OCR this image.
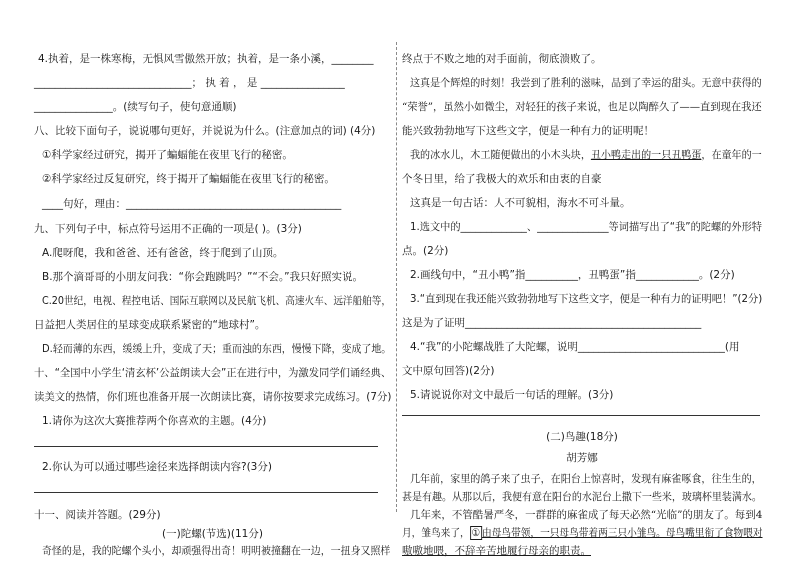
4.执着，是一株寒梅，无惧风雪傲然开放；执着，是一条小溪，________
______________________________； 执 着 ， 是 ________________
_______________。(续写句子，使句意通顺)
八、比较下面句子，说说哪句更好，并说说为什么。(注意加点的词) (4分)
①科学家经过研究，揭开了蝙蝠能在夜里飞行的秘密。
②科学家经过反复研究，终于揭开了蝙蝠能在夜里飞行的秘密。
____句好，理由：_________________________________________
九、下列句子中，标点符号运用不正确的一项是( )。(3分)
A.爬呀爬，我和爸爸、还有爸爸，终于爬到了山顶。
B.那个滴哥哥的小朋友问我：“你会跑跳吗？”“不会。”我只好照实说。
C.20世纪，电视、程控电话、国际互联网以及民航飞机、高速火车、远洋船舶等，
日益把人类居住的星球变成联系紧密的“地球村”。
D.轻而薄的东西，缓缓上升，变成了天；重而浊的东西，慢慢下降，变成了地。
十、“全国中小学生‘清玄杯’公益朗读大会”正在进行中，为激发同学们诵经典、
读美文的热情，你们班也准备开展一次朗读比赛，请你按要求完成练习。(7分)
1.请你为这次大赛推荐两个你喜欢的主题。(4分)
2.你认为可以通过哪些途径来选择朗读内容?(3分)
十一、阅读并答题。(29分)
(一)陀螺(节选)(11分)
奇怪的是，我的陀螺个头小，却顽强得出奇！明明被撞翻在一边，一扭身又照样
终点于不败之地的对手面前，彻底溃败了。
这真是个辉煌的时刻！我尝到了胜利的滋味，品到了幸运的甜头。无意中获得的
“荣誉”，虽然小如微尘，对轻狂的孩子来说，也足以陶醉久了——直到现在我还
能兴致勃勃地写下这些文字，便是一种有力的证明呢！
我的冰水儿，木工随便做出的小木头块，丑小鸭走出的一只丑鸭蛋，在童年的一
个冬日里，给了我极大的欢乐和由衷的自豪
这真是一句古话：人不可貌相，海水不可斗量。
1.选文中的_____________、______________等词描写出了“我”的陀螺的外形特
点。(2分)
2.画线句中，“丑小鸭”指__________，丑鸭蛋”指____________。(2分)
3.“直到现在我还能兴致勃勃地写下这些文字，便是一种有力的证明吧！”(2分)
这是为了证明_____________________________________________
4.“我”的小陀螺战胜了大陀螺，说明____________________________(用
文中原句回答)(2分)
5.请说说你对文中最后一句话的理解。(3分)
(二)鸟趣(18分)
胡芳娜
几年前，家里的鸽子来了虫子，在阳台上惊喜时，发现有麻雀啄食，往生生的，
甚是有趣。从那以后，我便有意在阳台的水泥台上撒下一些米，玻璃杯里装满水。
几年来，不管酷暑严冬，一群群的麻雀成了每天必然“光临”的朋友了。每到4
月，雏鸟来了， ① 由母鸟带领，一只母鸟带着两三只小雏鸟。母鸟嘴里衔了食物喂对
嗷嗷地喂，不辞辛苦地履行母亲的职责。
